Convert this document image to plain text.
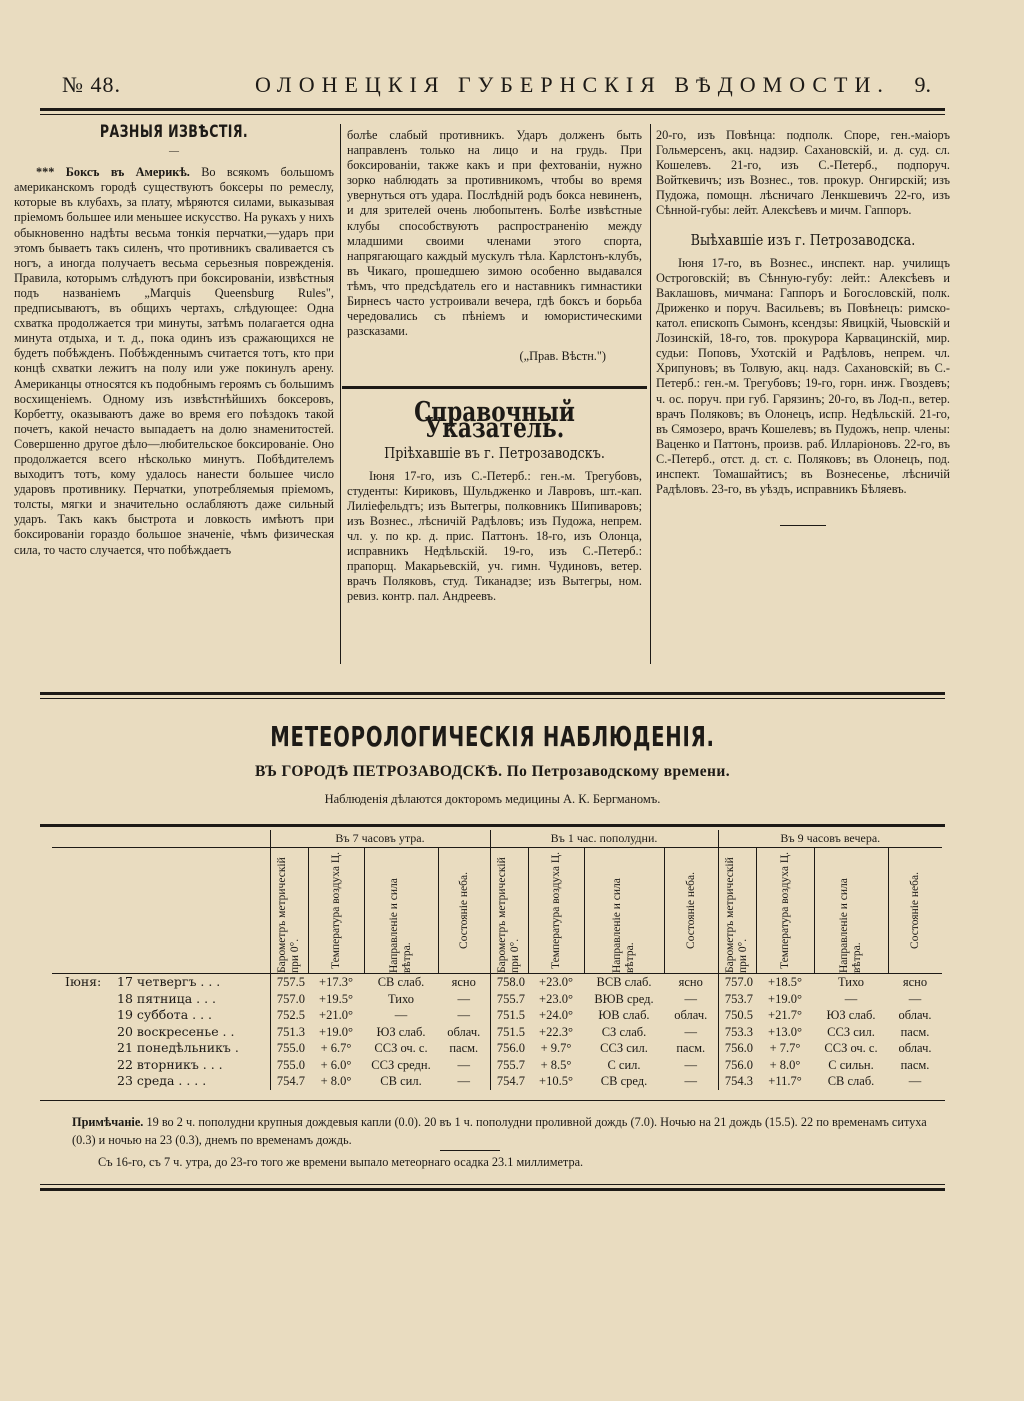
№ 48.	ОЛОНЕЦКІЯ ГУБЕРНСКІЯ ВѢДОМОСТИ. 9.
РАЗНЫЯ ИЗВѢСТІЯ.
—

*** Боксъ въ Америкѣ. Во всякомъ большомъ американскомъ городѣ существуютъ боксеры по ремеслу, которые въ клубахъ, за плату, мѣряются силами, выказывая пріемомъ большее или меньшее искусство. На рукахъ у нихъ обыкновенно надѣты весьма тонкія перчатки,—ударъ при этомъ бываетъ такъ силенъ, что противникъ сваливается съ ногъ, а иногда получаетъ весьма серьезныя поврежденія. Правила, которымъ слѣдуютъ при боксированіи, извѣстныя подъ названіемъ „Marquis Queensburg Rules", предписываютъ, въ общихъ чертахъ, слѣдующее: Одна схватка продолжается три минуты, затѣмъ полагается одна минута отдыха, и т. д., пока одинъ изъ сражающихся не будетъ побѣжденъ. Побѣжденнымъ считается тотъ, кто при концѣ схватки лежитъ на полу или уже покинулъ арену. Американцы относятся къ подобнымъ героямъ съ большимъ восхищеніемъ. Одному изъ извѣстнѣйшихъ боксеровъ, Корбетту, оказываютъ даже во время его поѣздокъ такой почетъ, какой нечасто выпадаетъ на долю знаменитостей. Совершенно другое дѣло—любительское боксированіе. Оно продолжается всего нѣсколько минутъ. Побѣдителемъ выходитъ тотъ, кому удалось нанести большее число ударовъ противнику. Перчатки, употребляемыя пріемомъ, толсты, мягки и значительно ослабляютъ даже сильный ударъ. Такъ какъ быстрота и ловкость имѣютъ при боксированіи гораздо большое значеніе, чѣмъ физическая сила, то часто случается, что побѣждаетъ

болѣе слабый противникъ. Ударъ долженъ быть направленъ только на лицо и на грудь. При боксированіи, также какъ и при фехтованіи, нужно зорко наблюдать за противникомъ, чтобы во время увернуться отъ удара. Послѣдній родъ бокса невиненъ, и для зрителей очень любопытенъ. Болѣе извѣстные клубы способствуютъ распространенію между младшими своими членами этого спорта, напрягающаго каждый мускулъ тѣла. Карлстонъ-клубъ, въ Чикаго, прошедшею зимою особенно выдавался тѣмъ, что предсѣдатель его и наставникъ гимнастики Бирнесъ часто устроивали вечера, гдѣ боксъ и борьба чередовались съ пѣніемъ и юмористическими разсказами.

(„Прав. Вѣстн.")
Справочный Указатель.
Пріѣхавшіе въ г. Петрозаводскъ.

Іюня 17-го, изъ С.-Петерб.: ген.-м. Трегубовъ, студенты: Кириковъ, Шульдженко и Лавровъ, шт.-кап. Лиліефельдтъ; изъ Вытегры, полковникъ Шипиваровъ; изъ Вознес., лѣсничій Радѣловъ; изъ Пудожа, непрем. чл. у. по кр. д. прис. Паттонъ. 18-го, изъ Олонца, исправникъ Недѣльскій. 19-го, изъ С.-Петерб.: прапорщ. Макарьевскій, уч. гимн. Чудиновъ, ветер. врачъ Поляковъ, студ. Тиканадзе; изъ Вытегры, ном. ревиз. контр. пал. Андреевъ.

20-го, изъ Повѣнца: подполк. Споре, ген.-маіоръ Гольмерсенъ, акц. надзир. Сахановскій, и. д. суд. сл. Кошелевъ. 21-го, изъ С.-Петерб., подпоруч. Войткевичъ; изъ Вознес., тов. прокур. Онгирскій; изъ Пудожа, помощн. лѣсничаго Ленкшевичъ 22-го, изъ Сѣнной-губы: лейт. Алексѣевъ и мичм. Гаппоръ.

Выѣхавшіе изъ г. Петрозаводска.

Іюня 17-го, въ Вознес., инспект. нар. училищъ Остроговскій; въ Сѣнную-губу: лейт.: Алексѣевъ и Ваклашовъ, мичмана: Гаппоръ и Богословскій, полк. Дриженко и поруч. Васильевъ; въ Повѣнецъ: римско-катол. епископъ Сымонъ, ксендзы: Явицкій, Чыовскій и Лозинскій, 18-го, тов. прокурора Карвацинскій, мир. судьи: Поповъ, Ухотскій и Радѣловъ, непрем. чл. Хрипуновъ; въ Толвую, акц. надз. Сахановскій; въ С.-Петерб.: ген.-м. Трегубовъ; 19-го, горн. инж. Гвоздевъ; ч. ос. поруч. при губ. Гарязинъ; 20-го, въ Лод-п., ветер. врачъ Поляковъ; въ Олонецъ, испр. Недѣльскій. 21-го, въ Сямозеро, врачъ Кошелевъ; въ Пудожъ, непр. члены: Ваценко и Паттонъ, произв. раб. Илларіоновъ. 22-го, въ С.-Петерб., отст. д. ст. с. Поляковъ; въ Олонецъ, под. инспект. Томашайтисъ; въ Вознесенье, лѣсничій Радѣловъ. 23-го, въ уѣздъ, исправникъ Бѣляевъ.

МЕТЕОРОЛОГИЧЕСКІЯ НАБЛЮДЕНІЯ.
ВЪ ГОРОДѢ ПЕТРОЗАВОДСКѢ. По Петрозаводскому времени.
Наблюденія дѣлаются докторомъ медицины А. К. Бергманомъ.
	Въ 7 часовъ утра.				Въ 1 час. пополудни.				Въ 9 часовъ вечера.			

	Барометръ метрическій при 0°.	Температура воздуха Ц.	Направленіе и сила вѣтра.	Состояніе неба.	Барометръ метрическій при 0°.	Температура воздуха Ц.	Направленіе и сила вѣтра.	Состояніе неба.	Барометръ метрическій при 0°.	Температура воздуха Ц.	Направленіе и сила вѣтра.	Состояніе неба.

Іюня: 17 четвергъ . . .	757.5	+17.3°	СВ слаб.	ясно	758.0	+23.0°	ВСВ слаб.	ясно	757.0	+18.5°	Тихо	ясно
18 пятница . . .	757.0	+19.5°	Тихо	—	755.7	+23.0°	ВЮВ сред.	—	753.7	+19.0°	—	—
19 суббота . . .	752.5	+21.0°	—	—	751.5	+24.0°	ЮВ слаб.	облач.	750.5	+21.7°	ЮЗ слаб.	облач.
20 воскресенье . .	751.3	+19.0°	ЮЗ слаб.	облач.	751.5	+22.3°	СЗ слаб.	—	753.3	+13.0°	ССЗ сил.	пасм.
21 понедѣльникъ .	755.0	+ 6.7°	ССЗ оч. с.	пасм.	756.0	+ 9.7°	ССЗ сил.	пасм.	756.0	+ 7.7°	ССЗ оч. с.	облач.
22 вторникъ . . .	755.0	+ 6.0°	ССЗ средн.	—	755.7	+ 8.5°	С сил.	—	756.0	+ 8.0°	С сильн.	пасм.
23 среда . . . .	754.7	+ 8.0°	СВ сил.	—	754.7	+10.5°	СВ сред.	—	754.3	+11.7°	СВ слаб.	—
Примѣчаніе. 19 во 2 ч. пополудни крупныя дождевыя капли (0.0). 20 въ 1 ч. пополудни проливной дождь (7.0). Ночью на 21 дождь (15.5). 22 по временамъ ситуха (0.3) и ночью на 23 (0.3), днемъ по временамъ дождь.
Съ 16-го, съ 7 ч. утра, до 23-го того же времени выпало метеорнаго осадка 23.1 миллиметра.
